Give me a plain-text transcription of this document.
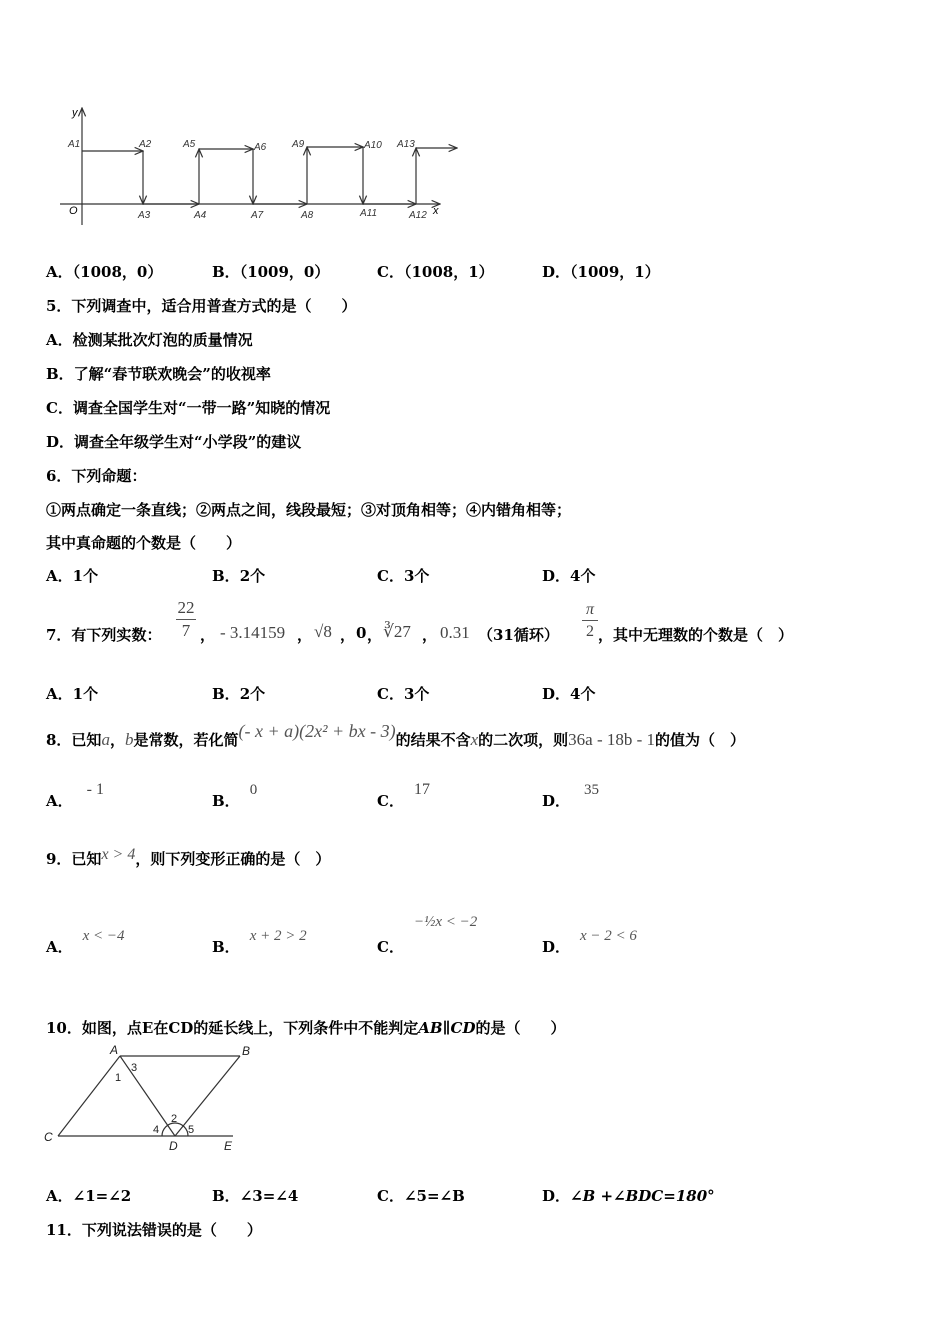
y
x
O
A1	A2
A3	A4
A5	A6
A7	A8
A9	A10
A11	A12
A13
A．（1008，0）	B．（1009，0）	C．（1008，1）	D．（1009，1）
5．下列调查中，适合用普查方式的是（　　）
A．检测某批次灯泡的质量情况
B．了解“春节联欢晚会”的收视率
C．调查全国学生对“一带一路”知晓的情况
D．调查全年级学生对“小学段”的建议
6．下列命题：
①两点确定一条直线；②两点之间，线段最短；③对顶角相等；④内错角相等；
其中真命题的个数是（　　）
A．1个	B．2个	C．3个	D．4个
7．有下列实数：
22
7 ， - 3.14159 ， √8 ， 0 ， ∛27 ， 0.31 （31循环）
π
2 ，其中无理数的个数是（　）
A．1个	B．2个	C．3个	D．4个
8．已知a，b是常数，若化简(- x + a)(2x² + bx - 3)的结果不含x的二次项，则36a - 18b - 1的值为（　）
A．- 1
B．0
C．17
D．35
9．已知x > 4，则下列变形正确的是（　）
A．x < −4
B．x + 2 > 2
C．−½x < −2
D．x − 2 < 6
10．如图，点E在CD的延长线上，下列条件中不能判定AB∥CD的是（　　）
A	B
C
D	E
1
2
3
4	5
A．∠1=∠2	B．∠3=∠4	C．∠5=∠B	D．∠B +∠BDC=180°
11．下列说法错误的是（　　）
